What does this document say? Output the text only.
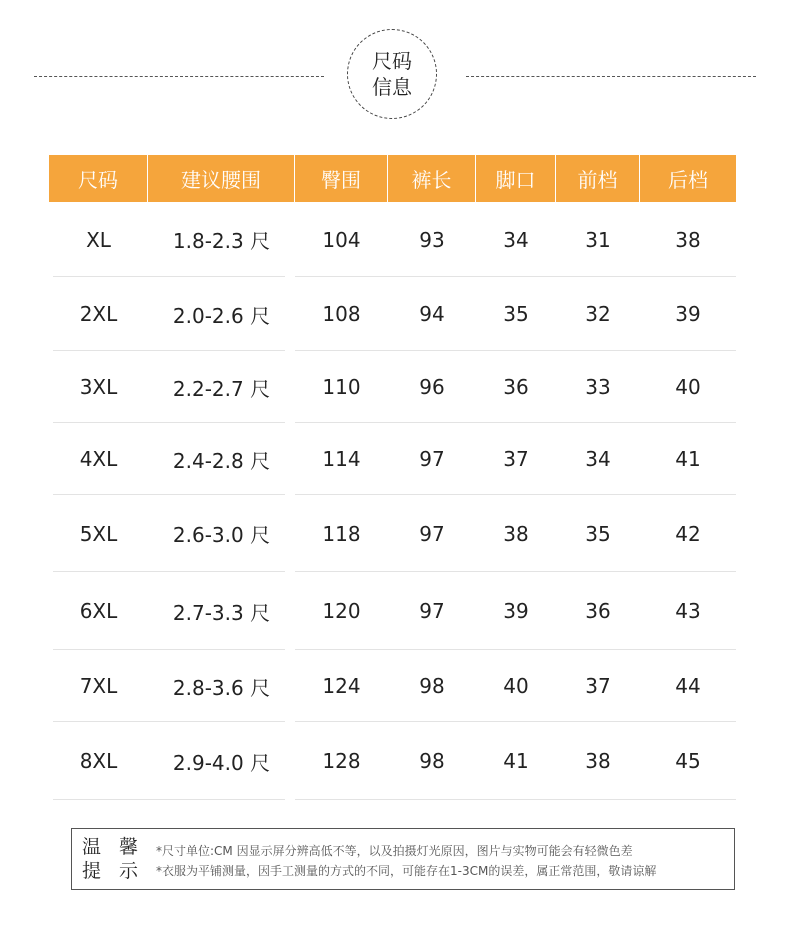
尺码
信息
尺码	建议腰围	臀围	裤长	脚口	前档	后档
XL	1.8-2.3 尺	104	93	34	31	38
2XL	2.0-2.6 尺	108	94	35	32	39
3XL	2.2-2.7 尺	110	96	36	33	40
4XL	2.4-2.8 尺	114	97	37	34	41
5XL	2.6-3.0 尺	118	97	38	35	42
6XL	2.7-3.3 尺	120	97	39	36	43
7XL	2.8-3.6 尺	124	98	40	37	44
8XL	2.9-4.0 尺	128	98	41	38	45
温 馨
提 示
*尺寸单位:CM 因显示屏分辨高低不等，以及拍摄灯光原因，图片与实物可能会有轻微色差
*衣服为平铺测量，因手工测量的方式的不同，可能存在1-3CM的误差，属正常范围，敬请谅解
